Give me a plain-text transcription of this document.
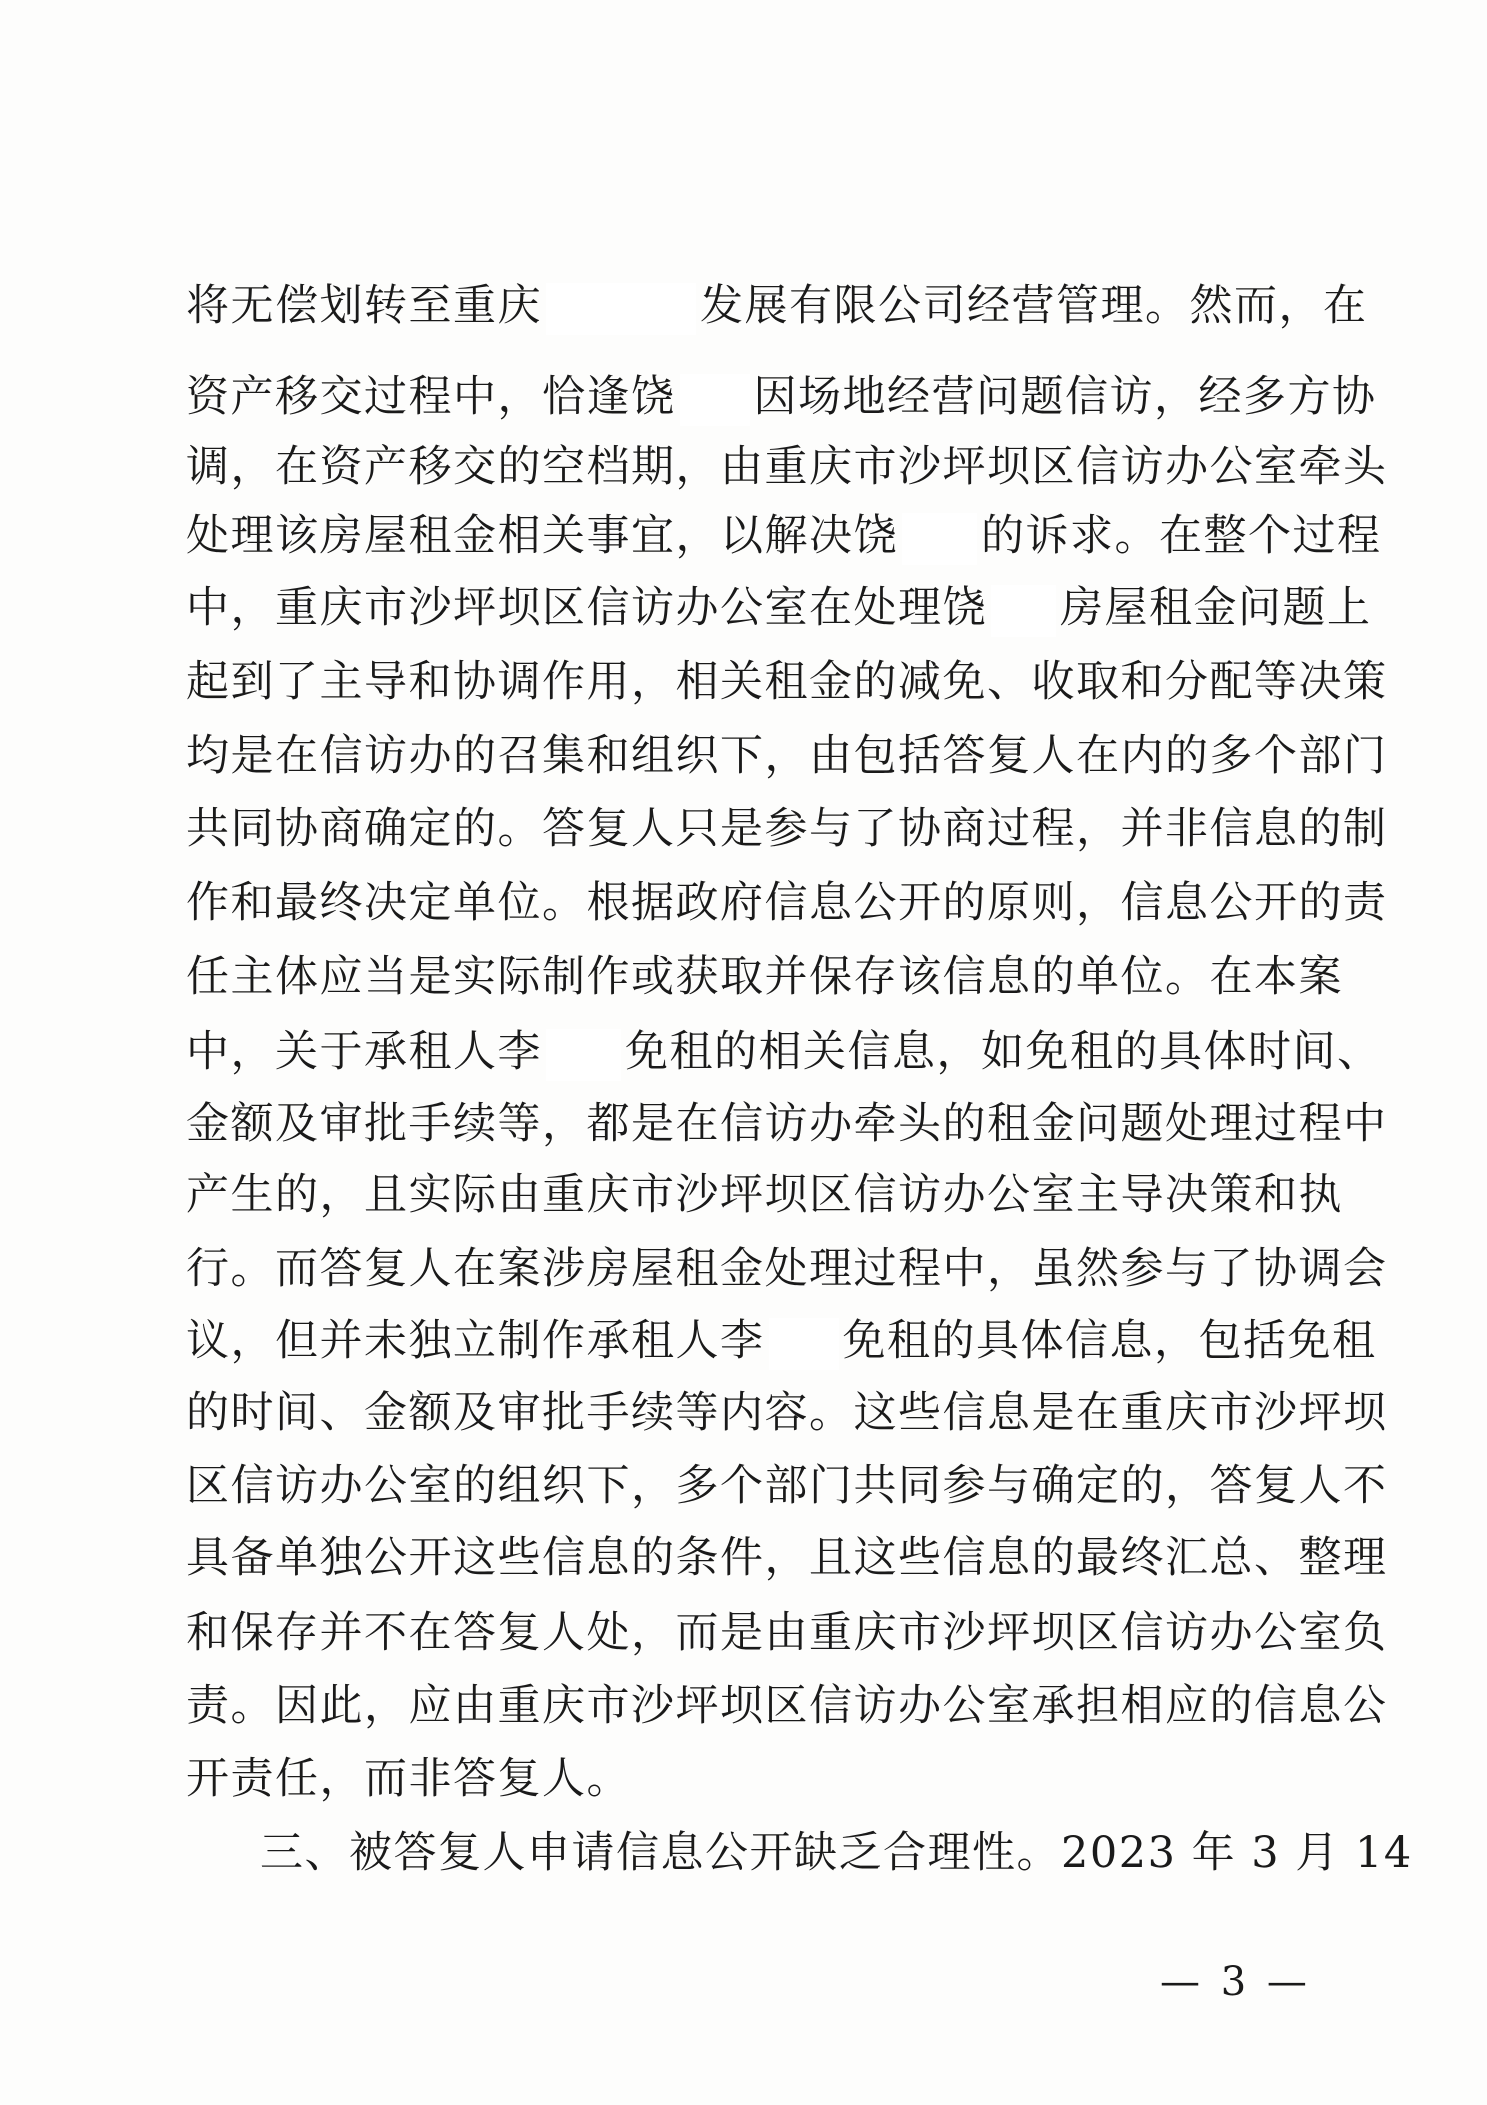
将无偿划转至重庆	发展有限公司经营管理。然而，在
资产移交过程中，恰逢饶 因场地经营问题信访，经多方协
调，在资产移交的空档期，由重庆市沙坪坝区信访办公室牵头
处理该房屋租金相关事宜，以解决饶 的诉求。在整个过程
中，重庆市沙坪坝区信访办公室在处理饶 房屋租金问题上
起到了主导和协调作用，相关租金的减免、收取和分配等决策
均是在信访办的召集和组织下，由包括答复人在内的多个部门
共同协商确定的。答复人只是参与了协商过程，并非信息的制
作和最终决定单位。根据政府信息公开的原则，信息公开的责
任主体应当是实际制作或获取并保存该信息的单位。在本案
中，关于承租人李 免租的相关信息，如免租的具体时间、
金额及审批手续等，都是在信访办牵头的租金问题处理过程中
产生的，且实际由重庆市沙坪坝区信访办公室主导决策和执
行。而答复人在案涉房屋租金处理过程中，虽然参与了协调会
议，但并未独立制作承租人李 免租的具体信息，包括免租
的时间、金额及审批手续等内容。这些信息是在重庆市沙坪坝
区信访办公室的组织下，多个部门共同参与确定的，答复人不
具备单独公开这些信息的条件，且这些信息的最终汇总、整理
和保存并不在答复人处，而是由重庆市沙坪坝区信访办公室负
责。因此，应由重庆市沙坪坝区信访办公室承担相应的信息公
开责任，而非答复人。
三、被答复人申请信息公开缺乏合理性。2023 年 3 月 14
— 3 —
